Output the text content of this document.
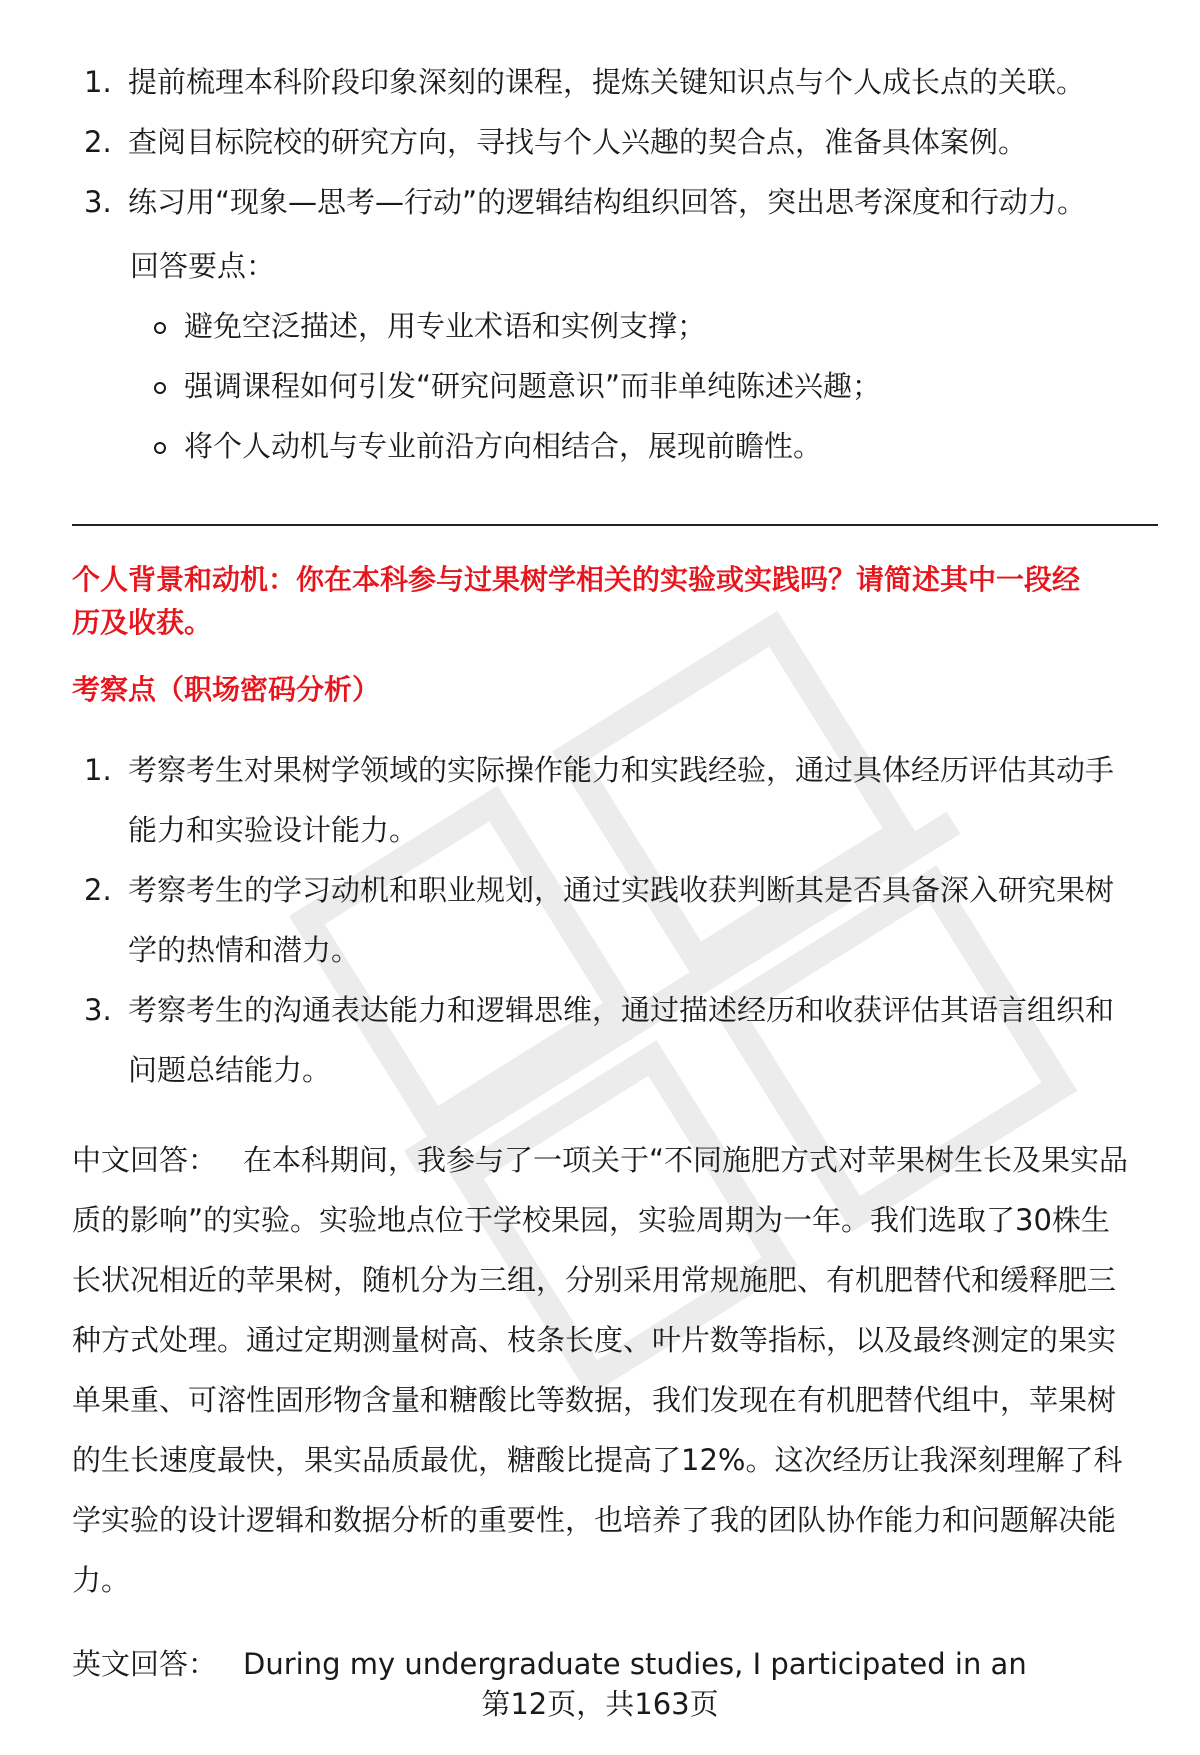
1. 提前梳理本科阶段印象深刻的课程，提炼关键知识点与个人成长点的关联。
2. 查阅目标院校的研究方向，寻找与个人兴趣的契合点，准备具体案例。
3. 练习用“现象—思考—行动”的逻辑结构组织回答，突出思考深度和行动力。
回答要点：
避免空泛描述，用专业术语和实例支撑；
强调课程如何引发“研究问题意识”而非单纯陈述兴趣；
将个人动机与专业前沿方向相结合，展现前瞻性。
个人背景和动机：你在本科参与过果树学相关的实验或实践吗？请简述其中一段经
历及收获。
考察点（职场密码分析）
1. 考察考生对果树学领域的实际操作能力和实践经验，通过具体经历评估其动手
能力和实验设计能力。
2. 考察考生的学习动机和职业规划，通过实践收获判断其是否具备深入研究果树
学的热情和潜力。
3. 考察考生的沟通表达能力和逻辑思维，通过描述经历和收获评估其语言组织和
问题总结能力。
中文回答： 在本科期间，我参与了一项关于“不同施肥方式对苹果树生长及果实品
质的影响”的实验。实验地点位于学校果园，实验周期为一年。我们选取了30株生
长状况相近的苹果树，随机分为三组，分别采用常规施肥、有机肥替代和缓释肥三
种方式处理。通过定期测量树高、枝条长度、叶片数等指标，以及最终测定的果实
单果重、可溶性固形物含量和糖酸比等数据，我们发现在有机肥替代组中，苹果树
的生长速度最快，果实品质最优，糖酸比提高了12%。这次经历让我深刻理解了科
学实验的设计逻辑和数据分析的重要性，也培养了我的团队协作能力和问题解决能
力。
英文回答： During my undergraduate studies, I participated in an
第12页，共163页
